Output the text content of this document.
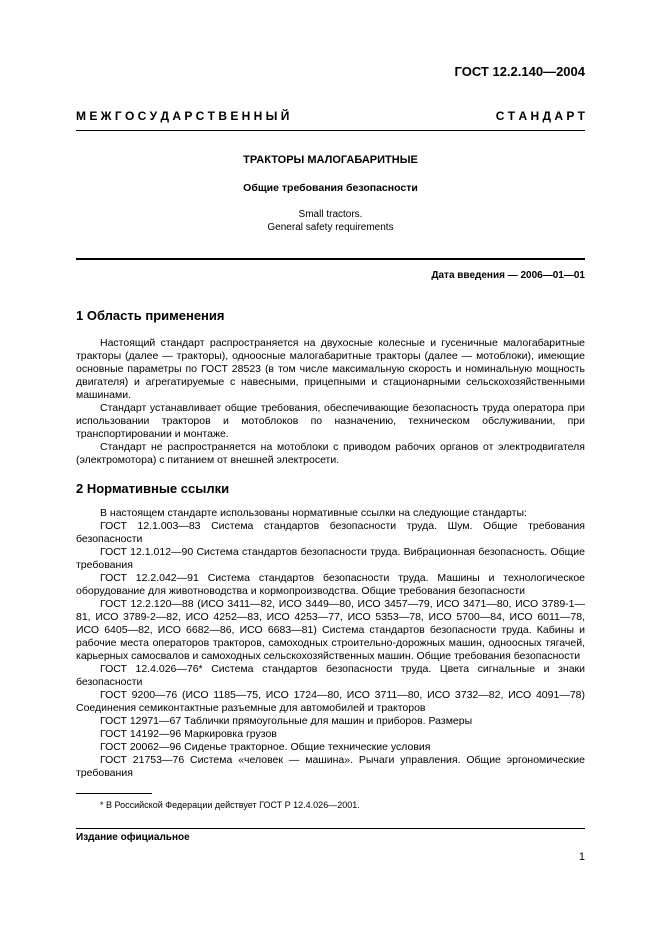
ГОСТ 12.2.140—2004
М Е Ж Г О С У Д А Р С Т В Е Н Н Ы Й	С Т А Н Д А Р Т
ТРАКТОРЫ МАЛОГАБАРИТНЫЕ
Общие требования безопасности
Small tractors.
General safety requirements
Дата введения — 2006—01—01
1 Область применения
Настоящий стандарт распространяется на двухосные колесные и гусеничные малогабаритные тракторы (далее — тракторы), одноосные малогабаритные тракторы (далее — мотоблоки), имеющие основные параметры по ГОСТ 28523 (в том числе максимальную скорость и номинальную мощность двигателя) и агрегатируемые с навесными, прицепными и стационарными сельскохозяйственными машинами.
Стандарт устанавливает общие требования, обеспечивающие безопасность труда оператора при использовании тракторов и мотоблоков по назначению, техническом обслуживании, при транспортировании и монтаже.
Стандарт не распространяется на мотоблоки с приводом рабочих органов от электродвигателя (электромотора) с питанием от внешней электросети.
2 Нормативные ссылки
В настоящем стандарте использованы нормативные ссылки на следующие стандарты:
ГОСТ 12.1.003—83 Система стандартов безопасности труда. Шум. Общие требования безопасности
ГОСТ 12.1.012—90 Система стандартов безопасности труда. Вибрационная безопасность. Общие требования
ГОСТ 12.2.042—91 Система стандартов безопасности труда. Машины и технологическое оборудование для животноводства и кормопроизводства. Общие требования безопасности
ГОСТ 12.2.120—88 (ИСО 3411—82, ИСО 3449—80, ИСО 3457—79, ИСО 3471—80, ИСО 3789-1—81, ИСО 3789-2—82, ИСО 4252—83, ИСО 4253—77, ИСО 5353—78, ИСО 5700—84, ИСО 6011—78, ИСО 6405—82, ИСО 6682—86, ИСО 6683—81) Система стандартов безопасности труда. Кабины и рабочие места операторов тракторов, самоходных строительно-дорожных машин, одноосных тягачей, карьерных самосвалов и самоходных сельскохозяйственных машин. Общие требования безопасности
ГОСТ 12.4.026—76* Система стандартов безопасности труда. Цвета сигнальные и знаки безопасности
ГОСТ 9200—76 (ИСО 1185—75, ИСО 1724—80, ИСО 3711—80, ИСО 3732—82, ИСО 4091—78) Соединения семиконтактные разъемные для автомобилей и тракторов
ГОСТ 12971—67 Таблички прямоугольные для машин и приборов. Размеры
ГОСТ 14192—96 Маркировка грузов
ГОСТ 20062—96 Сиденье тракторное. Общие технические условия
ГОСТ 21753—76 Система «человек — машина». Рычаги управления. Общие эргономические требования
* В Российской Федерации действует ГОСТ Р 12.4.026—2001.
Издание официальное
1
